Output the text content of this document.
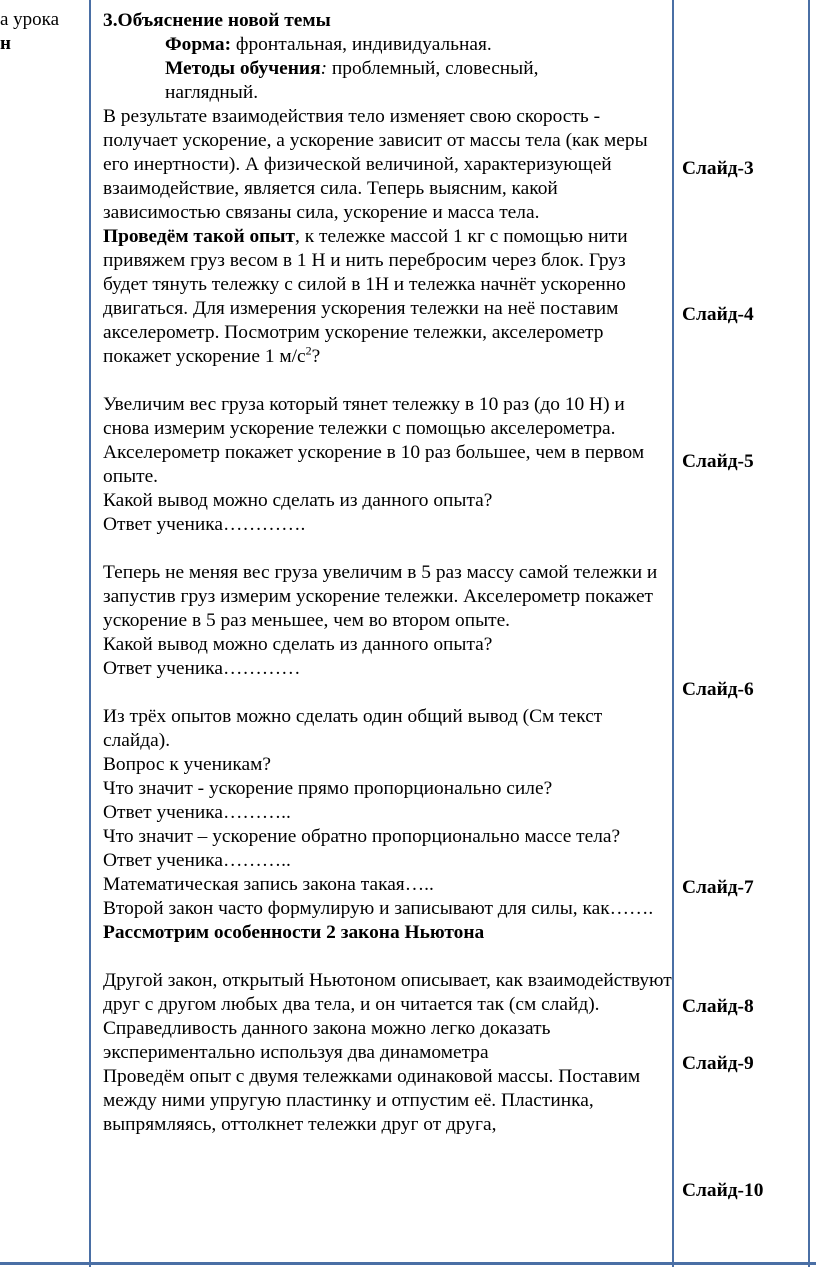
а урока
н

3.Объяснение новой темы

Форма: фронтальная, индивидуальная.

Методы обучения: проблемный, словесный,

наглядный.

В результате взаимодействия тело изменяет свою скорость - получает ускорение, а ускорение зависит от массы тела (как меры его инертности). А физической величиной, характеризующей взаимодействие, является сила. Теперь выясним, какой зависимостью связаны сила, ускорение и масса тела.

Проведём такой опыт, к тележке массой 1 кг с помощью нити привяжем груз весом в 1 Н и нить перебросим через блок. Груз будет тянуть тележку с силой в 1Н и тележка начнёт ускоренно двигаться. Для измерения ускорения тележки на неё поставим акселерометр. Посмотрим ускорение тележки, акселерометр покажет ускорение 1 $м/с^2$?

Увеличим вес груза который тянет тележку в 10 раз (до 10 Н) и снова измерим ускорение тележки с помощью акселерометра. Акселерометр покажет ускорение в 10 раз большее, чем в первом опыте.

Какой вывод можно сделать из данного опыта?

Ответ ученика………….

Теперь не меняя вес груза увеличим в 5 раз массу самой тележки и запустив груз измерим ускорение тележки. Акселерометр покажет ускорение в 5 раз меньшее, чем во втором опыте.

Какой вывод можно сделать из данного опыта?

Ответ ученика…………

Из трёх опытов можно сделать один общий вывод (См текст слайда).

Вопрос к ученикам?

Что значит - ускорение прямо пропорционально силе?

Ответ ученика………..

Что значит – ускорение обратно пропорционально массе тела?

Ответ ученика………..

Математическая запись закона такая…..

Второй закон часто формулирую и записывают для силы, как…….

Рассмотрим особенности 2 закона Ньютона

Другой закон, открытый Ньютоном описывает, как взаимодействуют друг с другом любых два тела, и он читается так (см слайд).

Справедливость данного закона можно легко доказать экспериментально используя два динамометра

Проведём опыт с двумя тележками одинаковой массы. Поставим между ними упругую пластинку и отпустим её. Пластинка, выпрямляясь, оттолкнет тележки друг от друга,

Слайд-3
Слайд-4
Слайд-5
Слайд-6
Слайд-7
Слайд-8
Слайд-9
Слайд-10
